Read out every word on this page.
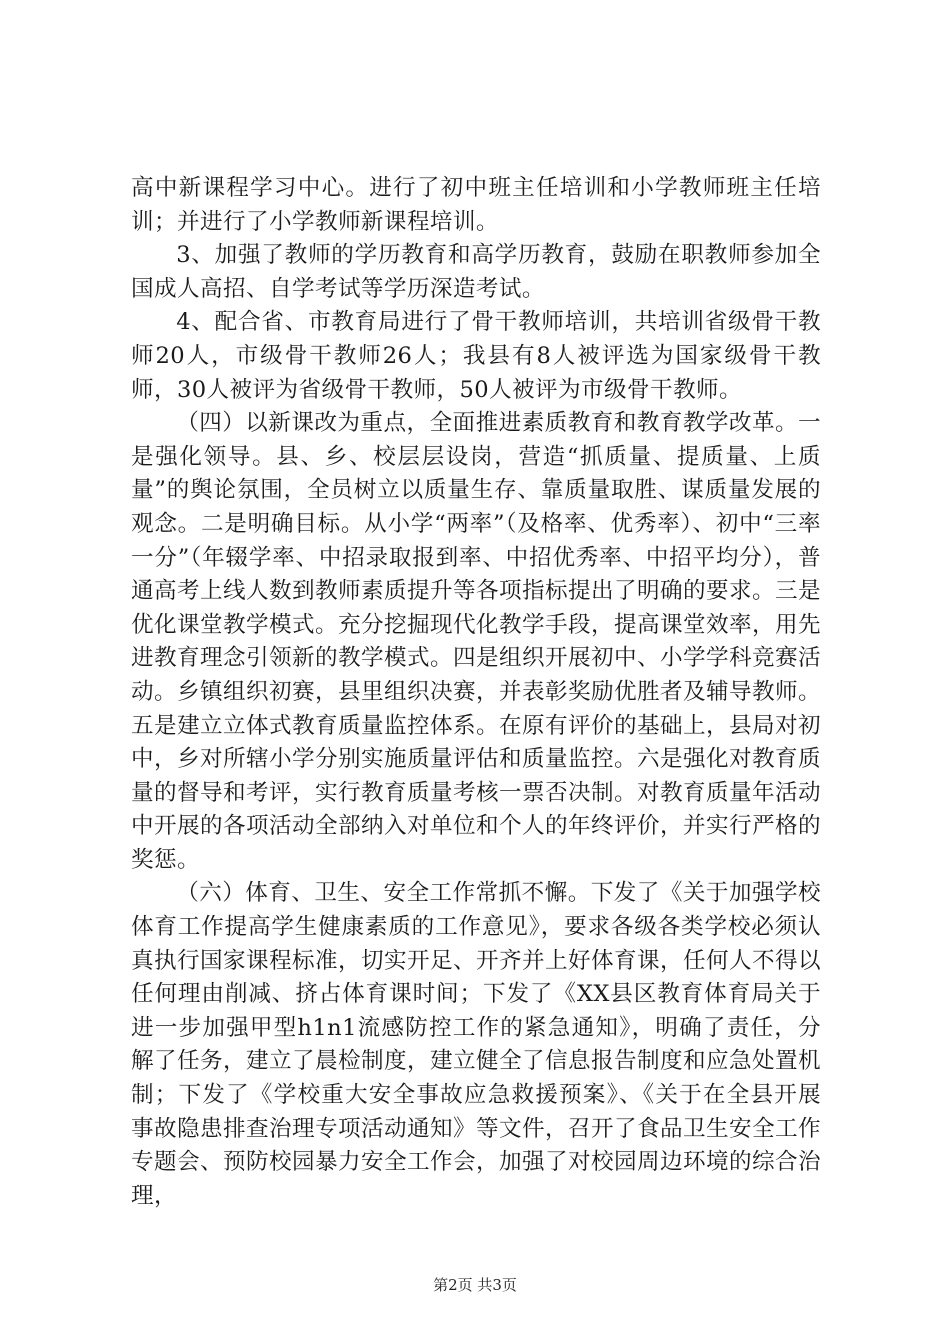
高中新课程学习中心。进行了初中班主任培训和小学教师班主任培训；并进行了小学教师新课程培训。

3、加强了教师的学历教育和高学历教育，鼓励在职教师参加全国成人高招、自学考试等学历深造考试。

4、配合省、市教育局进行了骨干教师培训，共培训省级骨干教师20人，市级骨干教师26人；我县有8人被评选为国家级骨干教师，30人被评为省级骨干教师，50人被评为市级骨干教师。

（四）以新课改为重点，全面推进素质教育和教育教学改革。一是强化领导。县、乡、校层层设岗，营造“抓质量、提质量、上质量”的舆论氛围，全员树立以质量生存、靠质量取胜、谋质量发展的观念。二是明确目标。从小学“两率”（及格率、优秀率）、初中“三率一分”（年辍学率、中招录取报到率、中招优秀率、中招平均分），普通高考上线人数到教师素质提升等各项指标提出了明确的要求。三是优化课堂教学模式。充分挖掘现代化教学手段，提高课堂效率，用先进教育理念引领新的教学模式。四是组织开展初中、小学学科竞赛活动。乡镇组织初赛，县里组织决赛，并表彰奖励优胜者及辅导教师。五是建立立体式教育质量监控体系。在原有评价的基础上，县局对初中，乡对所辖小学分别实施质量评估和质量监控。六是强化对教育质量的督导和考评，实行教育质量考核一票否决制。对教育质量年活动中开展的各项活动全部纳入对单位和个人的年终评价，并实行严格的奖惩。

（六）体育、卫生、安全工作常抓不懈。下发了《关于加强学校体育工作提高学生健康素质的工作意见》，要求各级各类学校必须认真执行国家课程标准，切实开足、开齐并上好体育课，任何人不得以任何理由削减、挤占体育课时间；下发了《XX县区教育体育局关于进一步加强甲型h1n1流感防控工作的紧急通知》，明确了责任，分解了任务，建立了晨检制度，建立健全了信息报告制度和应急处置机制；下发了《学校重大安全事故应急救援预案》、《关于在全县开展事故隐患排查治理专项活动通知》等文件，召开了食品卫生安全工作专题会、预防校园暴力安全工作会，加强了对校园周边环境的综合治理，

第2页 共3页
